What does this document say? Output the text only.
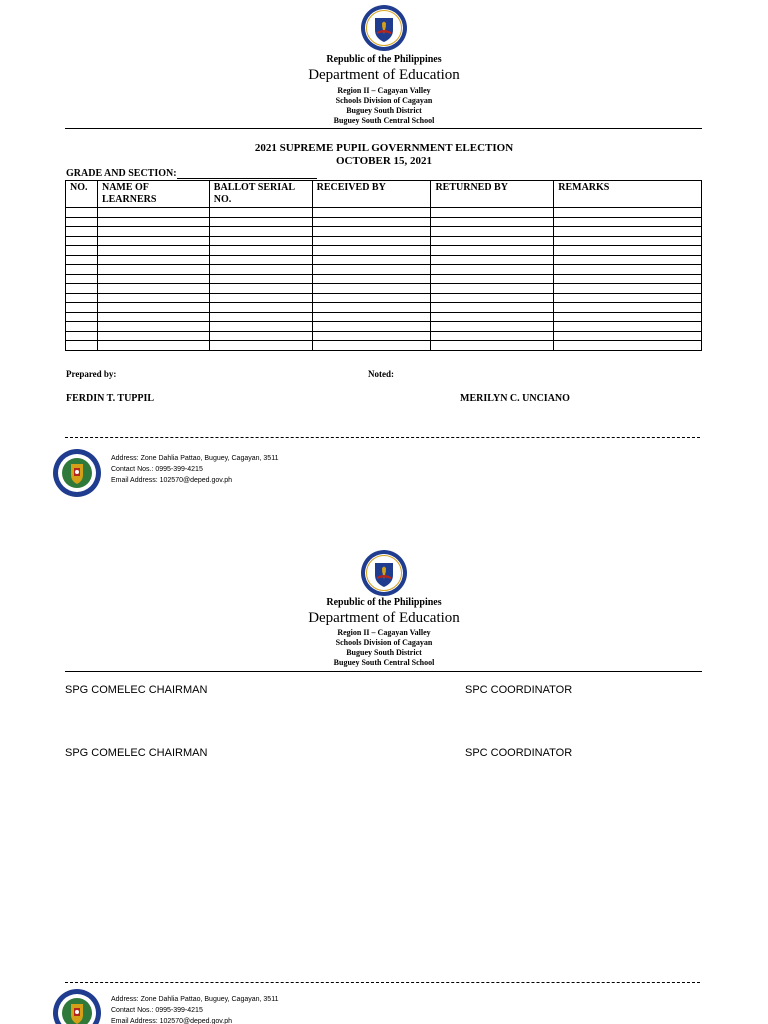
Republic of the Philippines
Department of Education
Region II – Cagayan Valley
Schools Division of Cagayan
Buguey South District
Buguey South Central School
2021 SUPREME PUPIL GOVERNMENT ELECTION
OCTOBER 15, 2021
GRADE AND SECTION:
NO.	NAME OF LEARNERS	BALLOT SERIAL NO.	RECEIVED BY	RETURNED BY	REMARKS

Prepared by:	Noted:
FERDIN T. TUPPIL	MERILYN C. UNCIANO
Address: Zone Dahlia Pattao, Buguey, Cagayan, 3511
Contact Nos.: 0995-399-4215
Email Address: 102570@deped.gov.ph
Republic of the Philippines
Department of Education
Region II – Cagayan Valley
Schools Division of Cagayan
Buguey South District
Buguey South Central School
SPG COMELEC CHAIRMAN	SPC COORDINATOR
SPG COMELEC CHAIRMAN	SPC COORDINATOR
Address: Zone Dahlia Pattao, Buguey, Cagayan, 3511
Contact Nos.: 0995-399-4215
Email Address: 102570@deped.gov.ph
